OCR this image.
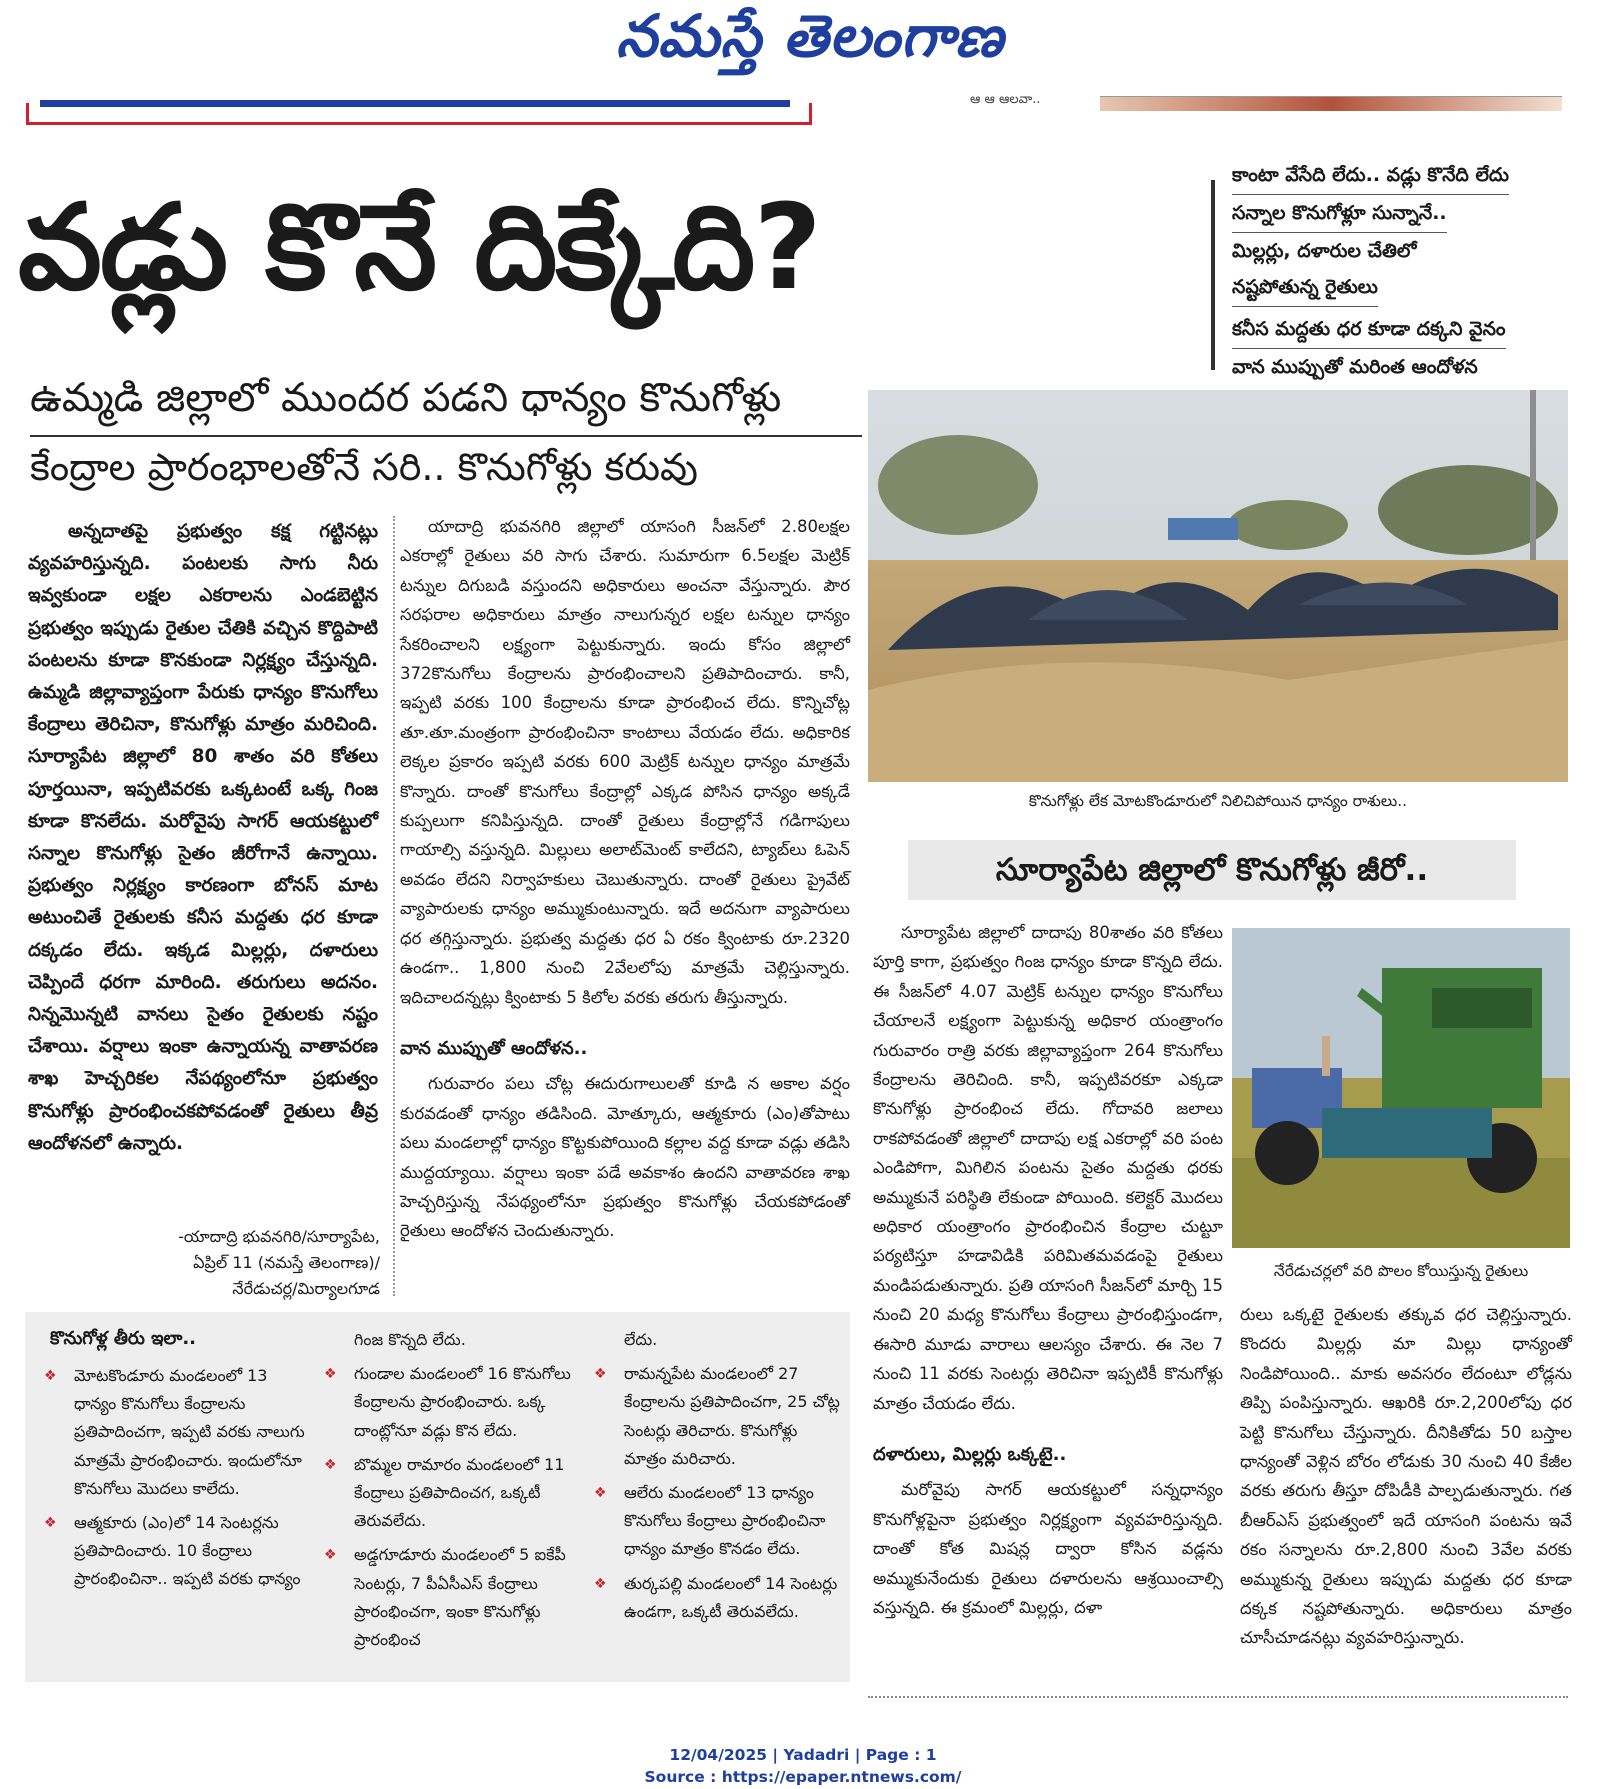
నమస్తే తెలంగాణ
ఆ ఆ ఆలవా..
వడ్లు కొనే దిక్కేది?
కాంటా వేసేది లేదు.. వడ్లు కొనేది లేదు
సన్నాల కొనుగోళ్లూ సున్నానే..
మిల్లర్లు, దళారుల చేతిలో
నష్టపోతున్న రైతులు
కనీస మద్దతు ధర కూడా దక్కని వైనం
వాన ముప్పుతో మరింత ఆందోళన
ఉమ్మడి జిల్లాలో ముందర పడని ధాన్యం కొనుగోళ్లు
కేంద్రాల ప్రారంభాలతోనే సరి.. కొనుగోళ్లు కరువు

అన్నదాతపై ప్రభుత్వం కక్ష గట్టినట్లు వ్యవహరిస్తున్నది. పంటలకు సాగు నీరు ఇవ్వకుండా లక్షల ఎకరాలను ఎండబెట్టిన ప్రభుత్వం ఇప్పుడు రైతుల చేతికి వచ్చిన కొద్దిపాటి పంటలను కూడా కొనకుండా నిర్లక్ష్యం చేస్తున్నది. ఉమ్మడి జిల్లావ్యాప్తంగా పేరుకు ధాన్యం కొనుగోలు కేంద్రాలు తెరిచినా, కొనుగోళ్లు మాత్రం మరిచింది. సూర్యాపేట జిల్లాలో 80 శాతం వరి కోతలు పూర్తయినా, ఇప్పటివరకు ఒక్కటంటే ఒక్క గింజ కూడా కొనలేదు. మరోవైపు సాగర్ ఆయకట్టులో సన్నాల కొనుగోళ్లు సైతం జీరోగానే ఉన్నాయి. ప్రభుత్వం నిర్లక్ష్యం కారణంగా బోనస్ మాట అటుంచితే రైతులకు కనీస మద్దతు ధర కూడా దక్కడం లేదు. ఇక్కడ మిల్లర్లు, దళారులు చెప్పిందే ధరగా మారింది. తరుగులు అదనం. నిన్నమొన్నటి వానలు సైతం రైతులకు నష్టం చేశాయి. వర్షాలు ఇంకా ఉన్నాయన్న వాతావరణ శాఖ హెచ్చరికల నేపథ్యంలోనూ ప్రభుత్వం కొనుగోళ్లు ప్రారంభించకపోవడంతో రైతులు తీవ్ర ఆందోళనలో ఉన్నారు.

-యాదాద్రి భువనగిరి/సూర్యాపేట,
ఏప్రిల్ 11 (నమస్తే తెలంగాణ)/
నేరేడుచర్ల/మిర్యాలగూడ

యాదాద్రి భువనగిరి జిల్లాలో యాసంగి సీజన్‌లో 2.80లక్షల ఎకరాల్లో రైతులు వరి సాగు చేశారు. సుమారుగా 6.5లక్షల మెట్రిక్ టన్నుల దిగుబడి వస్తుందని అధికారులు అంచనా వేస్తున్నారు. పౌర సరఫరాల అధికారులు మాత్రం నాలుగున్నర లక్షల టన్నుల ధాన్యం సేకరించాలని లక్ష్యంగా పెట్టుకున్నారు. ఇందు కోసం జిల్లాలో 372కొనుగోలు కేంద్రాలను ప్రారంభించాలని ప్రతిపాదించారు. కానీ, ఇప్పటి వరకు 100 కేంద్రాలను కూడా ప్రారంభించ లేదు. కొన్నిచోట్ల తూ.తూ.మంత్రంగా ప్రారంభించినా కాంటాలు వేయడం లేదు. అధికారిక లెక్కల ప్రకారం ఇప్పటి వరకు 600 మెట్రిక్ టన్నుల ధాన్యం మాత్రమే కొన్నారు. దాంతో కొనుగోలు కేంద్రాల్లో ఎక్కడ పోసిన ధాన్యం అక్కడే కుప్పలుగా కనిపిస్తున్నది. దాంతో రైతులు కేంద్రాల్లోనే గడిగాపులు గాయాల్సి వస్తున్నది. మిల్లులు అలాట్‌మెంట్ కాలేదని, ట్యాబ్‌లు ఓపెన్ అవడం లేదని నిర్వాహకులు చెబుతున్నారు. దాంతో రైతులు ప్రైవేట్ వ్యాపారులకు ధాన్యం అమ్ముకుంటున్నారు. ఇదే అదనుగా వ్యాపారులు ధర తగ్గిస్తున్నారు. ప్రభుత్వ మద్దతు ధర ఏ రకం క్వింటాకు రూ.2320 ఉండగా.. 1,800 నుంచి 2వేలలోపు మాత్రమే చెల్లిస్తున్నారు. ఇదిచాలదన్నట్లు క్వింటాకు 5 కిలోల వరకు తరుగు తీస్తున్నారు.

వాన ముప్పుతో ఆందోళన..

గురువారం పలు చోట్ల ఈదురుగాలులతో కూడి న అకాల వర్షం కురవడంతో ధాన్యం తడిసింది. మోత్కూరు, ఆత్మకూరు (ఎం)తోపాటు పలు మండలాల్లో ధాన్యం కొట్టకుపోయింది కల్లాల వద్ద కూడా వడ్లు తడిసి ముద్దయ్యాయి. వర్షాలు ఇంకా పడే అవకాశం ఉందని వాతావరణ శాఖ హెచ్చరిస్తున్న నేపథ్యంలోనూ ప్రభుత్వం కొనుగోళ్లు చేయకపోడంతో రైతులు ఆందోళన చెందుతున్నారు.

కొనుగోళ్లు లేక మోటకొండూరులో నిలిచిపోయిన ధాన్యం రాశులు..
సూర్యాపేట జిల్లాలో కొనుగోళ్లు జీరో..

సూర్యాపేట జిల్లాలో దాదాపు 80శాతం వరి కోతలు పూర్తి కాగా, ప్రభుత్వం గింజ ధాన్యం కూడా కొన్నది లేదు. ఈ సీజన్‌లో 4.07 మెట్రిక్ టన్నుల ధాన్యం కొనుగోలు చేయాలనే లక్ష్యంగా పెట్టుకున్న అధికార యంత్రాంగం గురువారం రాత్రి వరకు జిల్లావ్యాప్తంగా 264 కొనుగోలు కేంద్రాలను తెరిచింది. కానీ, ఇప్పటివరకూ ఎక్కడా కొనుగోళ్లు ప్రారంభించ లేదు. గోదావరి జలాలు రాకపోవడంతో జిల్లాలో దాదాపు లక్ష ఎకరాల్లో వరి పంట ఎండిపోగా, మిగిలిన పంటను సైతం మద్దతు ధరకు అమ్ముకునే పరిస్థితి లేకుండా పోయింది. కలెక్టర్ మొదలు అధికార యంత్రాంగం ప్రారంభించిన కేంద్రాల చుట్టూ పర్యటిస్తూ హడావిడికి పరిమితమవడంపై రైతులు మండిపడుతున్నారు. ప్రతి యాసంగి సీజన్‌లో మార్చి 15 నుంచి 20 మధ్య కొనుగోలు కేంద్రాలు ప్రారంభిస్తుండగా, ఈసారి మూడు వారాలు ఆలస్యం చేశారు. ఈ నెల 7 నుంచి 11 వరకు సెంటర్లు తెరిచినా ఇప్పటికీ కొనుగోళ్లు మాత్రం చేయడం లేదు.

దళారులు, మిల్లర్లు ఒక్కటై..

మరోవైపు సాగర్ ఆయకట్టులో సన్నధాన్యం కొనుగోళ్లపైనా ప్రభుత్వం నిర్లక్ష్యంగా వ్యవహరిస్తున్నది. దాంతో కోత మిషన్ల ద్వారా కోసిన వడ్లను అమ్ముకునేందుకు రైతులు దళారులను ఆశ్రయించాల్సి వస్తున్నది. ఈ క్రమంలో మిల్లర్లు, దళా

నేరేడుచర్లలో వరి పొలం కోయిస్తున్న రైతులు

రులు ఒక్కటై రైతులకు తక్కువ ధర చెల్లిస్తున్నారు. కొందరు మిల్లర్లు మా మిల్లు ధాన్యంతో నిండిపోయింది.. మాకు అవసరం లేదంటూ లోడ్లను తిప్పి పంపిస్తున్నారు. ఆఖరికి రూ.2,200లోపు ధర పెట్టి కొనుగోలు చేస్తున్నారు. దీనికితోడు 50 బస్తాల ధాన్యంతో వెళ్లిన బోరం లోడుకు 30 నుంచి 40 కేజీల వరకు తరుగు తీస్తూ దోపిడీకి పాల్పడుతున్నారు. గత బీఆర్‌ఎస్ ప్రభుత్వంలో ఇదే యాసంగి పంటను ఇవే రకం సన్నాలను రూ.2,800 నుంచి 3వేల వరకు అమ్ముకున్న రైతులు ఇప్పుడు మద్దతు ధర కూడా దక్కక నష్టపోతున్నారు. అధికారులు మాత్రం చూసీచూడనట్లు వ్యవహరిస్తున్నారు.

కొనుగోళ్ల తీరు ఇలా..
❖ మోటకొండూరు మండలంలో 13 ధాన్యం కొనుగోలు కేంద్రాలను ప్రతిపాదించగా, ఇప్పటి వరకు నాలుగు మాత్రమే ప్రారంభించారు. ఇందులోనూ కొనుగోలు మొదలు కాలేదు.
❖ ఆత్మకూరు (ఎం)లో 14 సెంటర్లను ప్రతిపాదించారు. 10 కేంద్రాలు ప్రారంభించినా.. ఇప్పటి వరకు ధాన్యం
గింజ కొన్నది లేదు.
❖ గుండాల మండలంలో 16 కొనుగోలు కేంద్రాలను ప్రారంభించారు. ఒక్క దాంట్లోనూ వడ్లు కొన లేదు.
❖ బొమ్మల రామారం మండలంలో 11 కేంద్రాలు ప్రతిపాదించగ, ఒక్కటీ తెరువలేదు.
❖ అడ్డగూడూరు మండలంలో 5 ఐకేపీ సెంటర్లు, 7 పీఏసీఎస్ కేంద్రాలు ప్రారంభించగా, ఇంకా కొనుగోళ్లు ప్రారంభించ
లేదు.
❖ రామన్నపేట మండలంలో 27 కేంద్రాలను ప్రతిపాదించగా, 25 చోట్ల సెంటర్లు తెరిచారు. కొనుగోళ్లు మాత్రం మరిచారు.
❖ ఆలేరు మండలంలో 13 ధాన్యం కొనుగోలు కేంద్రాలు ప్రారంభించినా ధాన్యం మాత్రం కొనడం లేదు.
❖ తుర్కపల్లి మండలంలో 14 సెంటర్లు ఉండగా, ఒక్కటీ తెరువలేదు.
12/04/2025 | Yadadri | Page : 1
Source : https://epaper.ntnews.com/
